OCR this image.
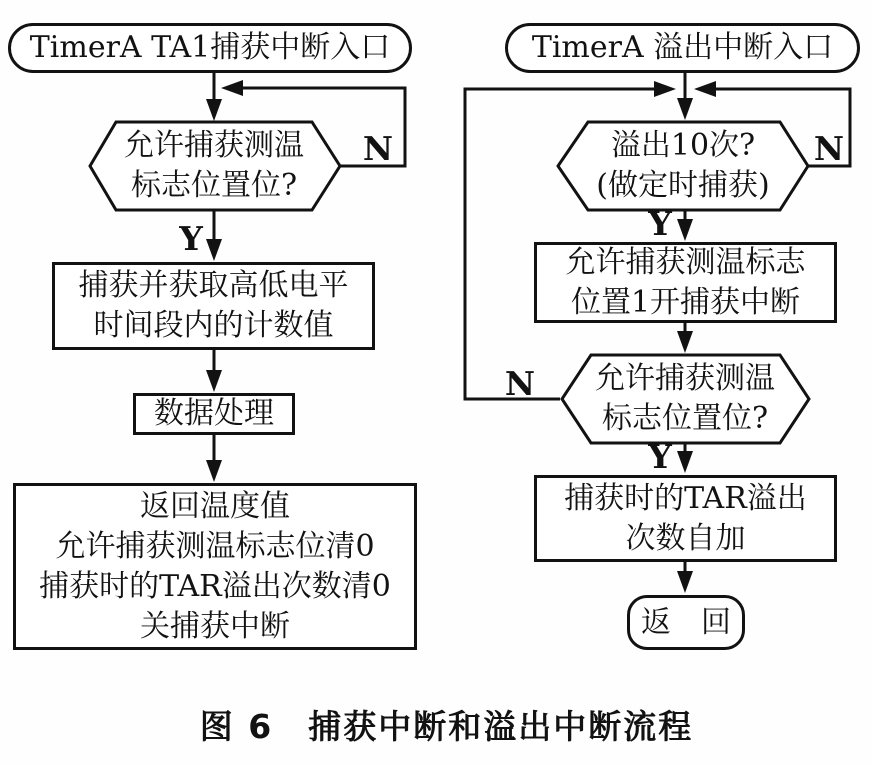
TimerA TA1捕获中断入口
允许捕获测温
标志位置位?
N
Y
捕获并获取高低电平
时间段内的计数值
数据处理
返回温度值
允许捕获测温标志位清0
捕获时的TAR溢出次数清0
关捕获中断
TimerA 溢出中断入口
溢出10次?
(做定时捕获)
N
Y
允许捕获测温标志
位置1开捕获中断
允许捕获测温
标志位置位?
N
Y
捕获时的TAR溢出
次数自加
返　回
图 6　捕获中断和溢出中断流程
